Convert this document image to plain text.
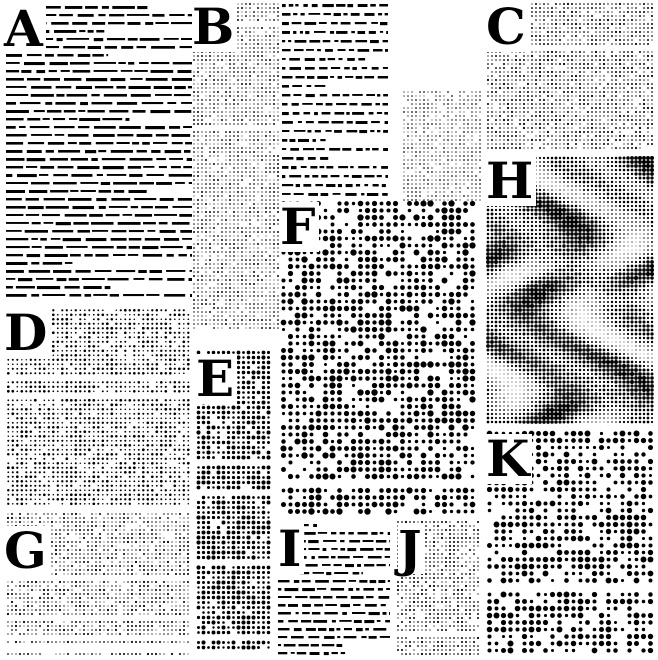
A	B	C
D
E
F
G
H
I J
K
